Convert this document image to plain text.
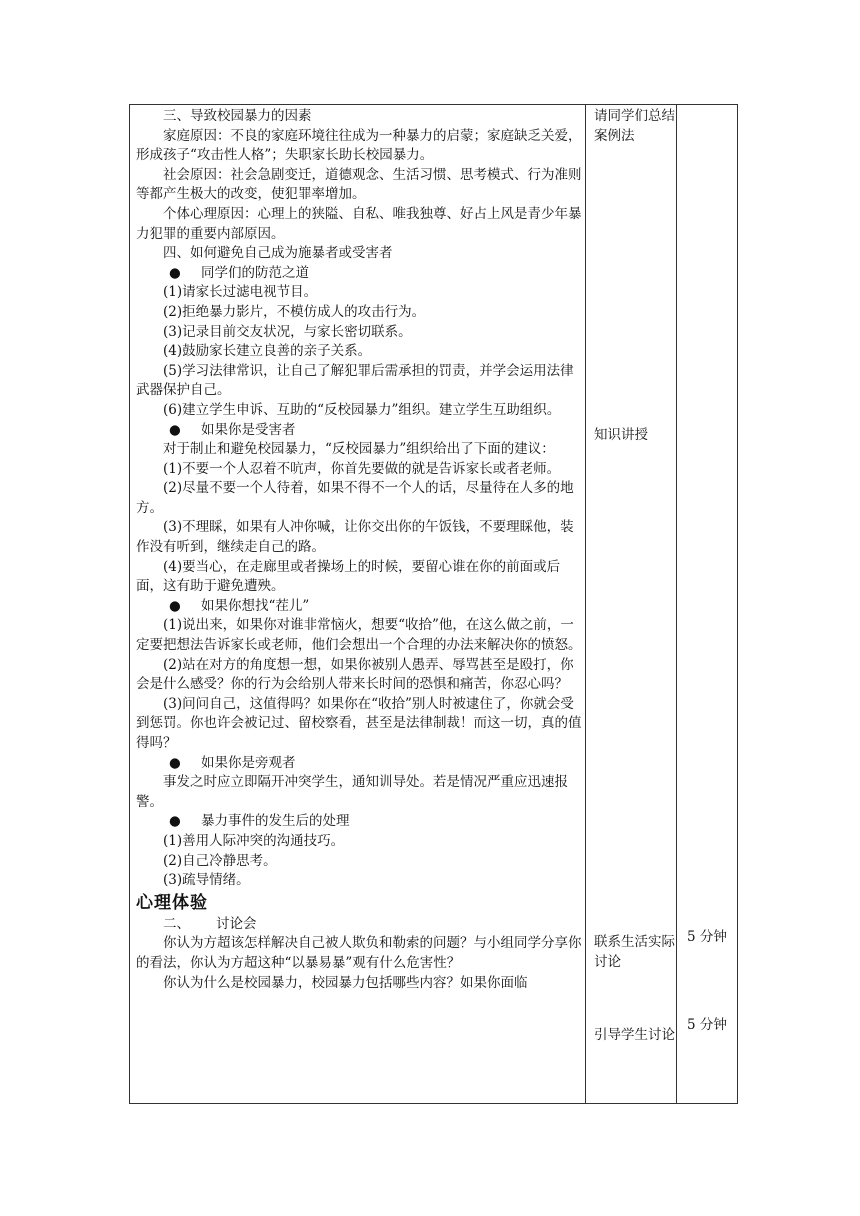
三、导致校园暴力的因素

家庭原因：不良的家庭环境往往成为一种暴力的启蒙；家庭缺乏关爱，形成孩子“攻击性人格”；失职家长助长校园暴力。

社会原因：社会急剧变迁，道德观念、生活习惯、思考模式、行为准则等都产生极大的改变，使犯罪率增加。

个体心理原因：心理上的狭隘、自私、唯我独尊、好占上风是青少年暴力犯罪的重要内部原因。

四、如何避免自己成为施暴者或受害者

● 同学们的防范之道

(1)请家长过滤电视节目。

(2)拒绝暴力影片，不模仿成人的攻击行为。

(3)记录目前交友状况，与家长密切联系。

(4)鼓励家长建立良善的亲子关系。

(5)学习法律常识，让自己了解犯罪后需承担的罚责，并学会运用法律武器保护自己。

(6)建立学生申诉、互助的“反校园暴力”组织。建立学生互助组织。

● 如果你是受害者

对于制止和避免校园暴力，“反校园暴力”组织给出了下面的建议：

(1)不要一个人忍着不吭声，你首先要做的就是告诉家长或者老师。

(2)尽量不要一个人待着，如果不得不一个人的话，尽量待在人多的地方。

(3)不理睬，如果有人冲你喊，让你交出你的午饭钱，不要理睬他，装作没有听到，继续走自己的路。

(4)要当心，在走廊里或者操场上的时候，要留心谁在你的前面或后面，这有助于避免遭殃。

● 如果你想找“茬儿”

(1)说出来，如果你对谁非常恼火，想要“收拾”他，在这么做之前，一定要把想法告诉家长或老师，他们会想出一个合理的办法来解决你的愤怒。

(2)站在对方的角度想一想，如果你被别人愚弄、辱骂甚至是殴打，你会是什么感受？你的行为会给别人带来长时间的恐惧和痛苦，你忍心吗？

(3)问问自己，这值得吗？如果你在“收拾”别人时被逮住了，你就会受到惩罚。你也许会被记过、留校察看，甚至是法律制裁！而这一切，真的值得吗？

● 如果你是旁观者

事发之时应立即隔开冲突学生，通知训导处。若是情况严重应迅速报警。

● 暴力事件的发生后的处理

(1)善用人际冲突的沟通技巧。

(2)自己冷静思考。

(3)疏导情绪。

心理体验

二、 讨论会

你认为方超该怎样解决自己被人欺负和勒索的问题？与小组同学分享你的看法，你认为方超这种“以暴易暴”观有什么危害性？

你认为什么是校园暴力，校园暴力包括哪些内容？如果你面临

请同学们总结
案例法
知识讲授
联系生活实际讨论
引导学生讨论
5 分钟
5 分钟
